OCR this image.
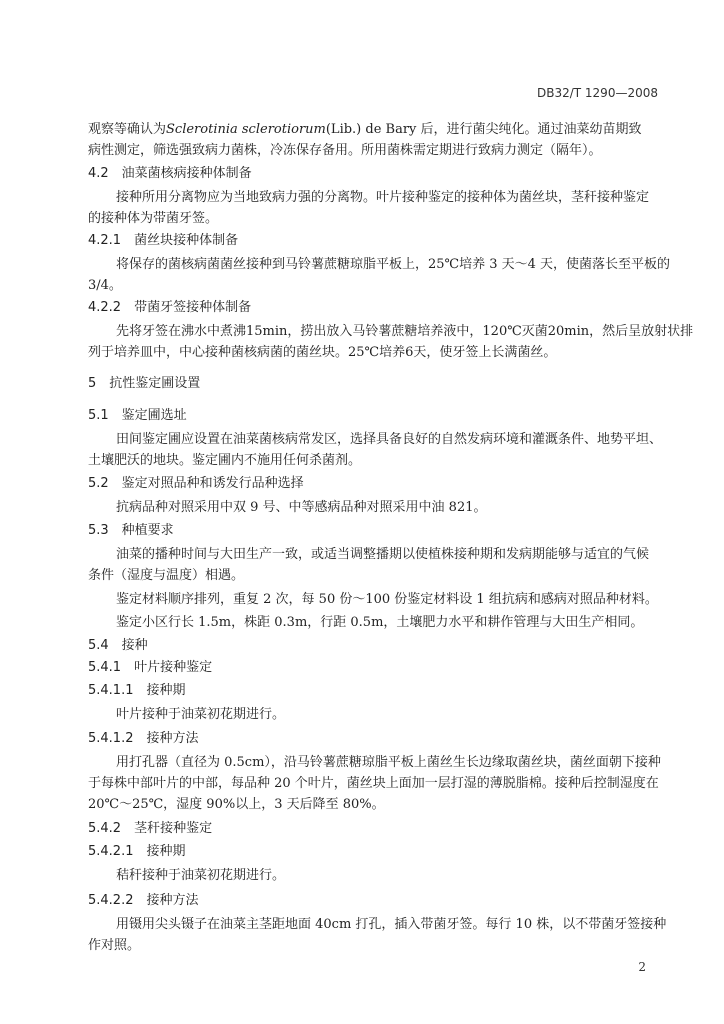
DB32/T 1290—2008
观察等确认为Sclerotinia sclerotiorum(Lib.) de Bary 后，进行菌尖纯化。通过油菜幼苗期致
病性测定，筛选强致病力菌株，冷冻保存备用。所用菌株需定期进行致病力测定（隔年）。
4.2　油菜菌核病接种体制备
接种所用分离物应为当地致病力强的分离物。叶片接种鉴定的接种体为菌丝块，茎秆接种鉴定
的接种体为带菌牙签。
4.2.1　菌丝块接种体制备
将保存的菌核病菌菌丝接种到马铃薯蔗糖琼脂平板上，25℃培养 3 天～4 天，使菌落长至平板的
3/4。
4.2.2　带菌牙签接种体制备
先将牙签在沸水中煮沸15min，捞出放入马铃薯蔗糖培养液中，120℃灭菌20min，然后呈放射状排
列于培养皿中，中心接种菌核病菌的菌丝块。25℃培养6天，使牙签上长满菌丝。
5　抗性鉴定圃设置
5.1　鉴定圃选址
田间鉴定圃应设置在油菜菌核病常发区，选择具备良好的自然发病环境和灌溉条件、地势平坦、
土壤肥沃的地块。鉴定圃内不施用任何杀菌剂。
5.2　鉴定对照品种和诱发行品种选择
抗病品种对照采用中双 9 号、中等感病品种对照采用中油 821。
5.3　种植要求
油菜的播种时间与大田生产一致，或适当调整播期以使植株接种期和发病期能够与适宜的气候
条件（湿度与温度）相遇。
鉴定材料顺序排列，重复 2 次，每 50 份～100 份鉴定材料设 1 组抗病和感病对照品种材料。
鉴定小区行长 1.5m，株距 0.3m，行距 0.5m，土壤肥力水平和耕作管理与大田生产相同。
5.4　接种
5.4.1　叶片接种鉴定
5.4.1.1　接种期
叶片接种于油菜初花期进行。
5.4.1.2　接种方法
用打孔器（直径为 0.5cm），沿马铃薯蔗糖琼脂平板上菌丝生长边缘取菌丝块，菌丝面朝下接种
于每株中部叶片的中部，每品种 20 个叶片，菌丝块上面加一层打湿的薄脱脂棉。接种后控制湿度在
20℃～25℃，湿度 90%以上，3 天后降至 80%。
5.4.2　茎秆接种鉴定
5.4.2.1　接种期
秸秆接种于油菜初花期进行。
5.4.2.2　接种方法
用镊用尖头镊子在油菜主茎距地面 40cm 打孔，插入带菌牙签。每行 10 株，以不带菌牙签接种
作对照。
2
